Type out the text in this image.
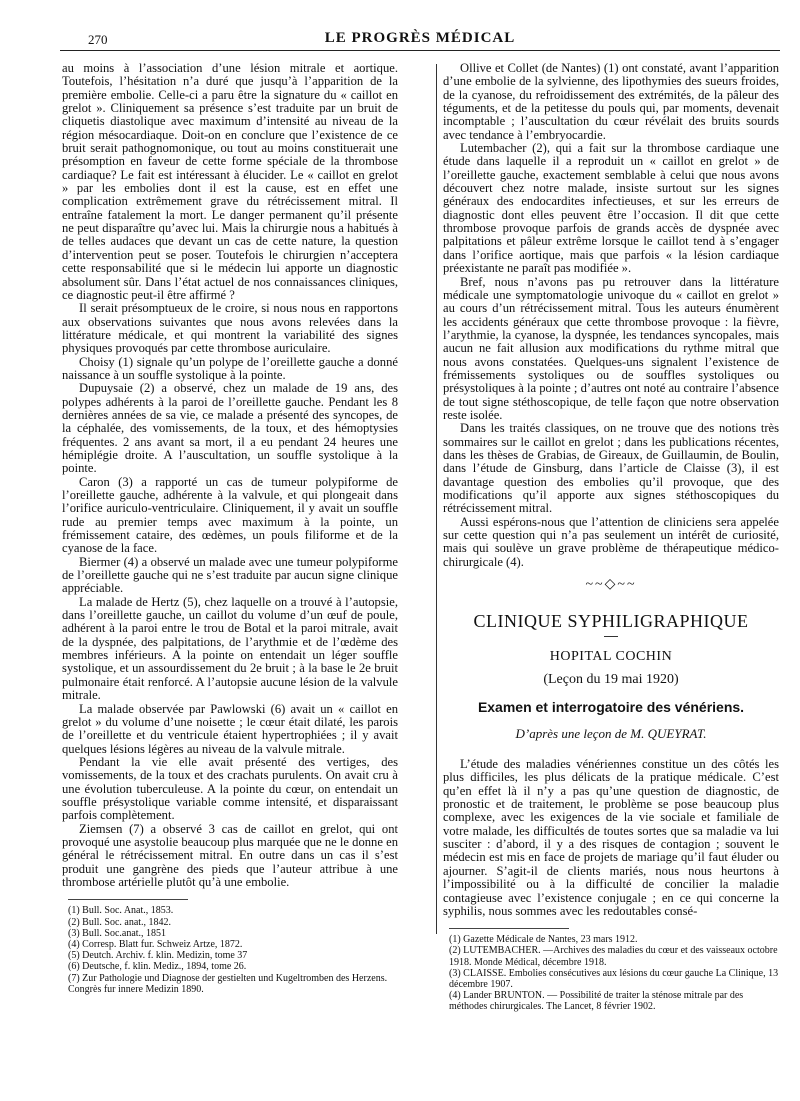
270	LE PROGRÈS MÉDICAL

au moins à l’association d’une lésion mitrale et aortique. Toutefois, l’hésitation n’a duré que jusqu’à l’apparition de la première embolie. Celle-ci a paru être la signature du « caillot en grelot ». Cliniquement sa présence s’est traduite par un bruit de cliquetis diastolique avec maximum d’intensité au niveau de la région mésocardiaque. Doit-on en conclure que l’existence de ce bruit serait pathognomonique, ou tout au moins constituerait une présomption en faveur de cette forme spéciale de la thrombose cardiaque? Le fait est intéressant à élucider. Le « caillot en grelot » par les embolies dont il est la cause, est en effet une complication extrêmement grave du rétrécissement mitral. Il entraîne fatalement la mort. Le danger permanent qu’il présente ne peut disparaître qu’avec lui. Mais la chirurgie nous a habitués à de telles audaces que devant un cas de cette nature, la question d’intervention peut se poser. Toutefois le chirurgien n’acceptera cette responsabilité que si le médecin lui apporte un diagnostic absolument sûr. Dans l’état actuel de nos connaissances cliniques, ce diagnostic peut-il être affirmé ?

Il serait présomptueux de le croire, si nous nous en rapportons aux observations suivantes que nous avons relevées dans la littérature médicale, et qui montrent la variabilité des signes physiques provoqués par cette thrombose auriculaire.

Choisy (1) signale qu’un polype de l’oreillette gauche a donné naissance à un souffle systolique à la pointe.

Dupuysaie (2) a observé, chez un malade de 19 ans, des polypes adhérents à la paroi de l’oreillette gauche. Pendant les 8 dernières années de sa vie, ce malade a présenté des syncopes, de la céphalée, des vomissements, de la toux, et des hémoptysies fréquentes. 2 ans avant sa mort, il a eu pendant 24 heures une hémiplégie droite. A l’auscultation, un souffle systolique à la pointe.

Caron (3) a rapporté un cas de tumeur polypiforme de l’oreillette gauche, adhérente à la valvule, et qui plongeait dans l’orifice auriculo-ventriculaire. Cliniquement, il y avait un souffle rude au premier temps avec maximum à la pointe, un frémissement cataire, des œdèmes, un pouls filiforme et de la cyanose de la face.

Biermer (4) a observé un malade avec une tumeur polypiforme de l’oreillette gauche qui ne s’est traduite par aucun signe clinique appréciable.

La malade de Hertz (5), chez laquelle on a trouvé à l’autopsie, dans l’oreillette gauche, un caillot du volume d’un œuf de poule, adhérent à la paroi entre le trou de Botal et la paroi mitrale, avait de la dyspnée, des palpitations, de l’arythmie et de l’œdème des membres inférieurs. A la pointe on entendait un léger souffle systolique, et un assourdissement du 2e bruit ; à la base le 2e bruit pulmonaire était renforcé. A l’autopsie aucune lésion de la valvule mitrale.

La malade observée par Pawlowski (6) avait un « caillot en grelot » du volume d’une noisette ; le cœur était dilaté, les parois de l’oreillette et du ventricule étaient hypertrophiées ; il y avait quelques lésions légères au niveau de la valvule mitrale.

Pendant la vie elle avait présenté des vertiges, des vomissements, de la toux et des crachats purulents. On avait cru à une évolution tuberculeuse. A la pointe du cœur, on entendait un souffle présystolique variable comme intensité, et disparaissant parfois complètement.

Ziemsen (7) a observé 3 cas de caillot en grelot, qui ont provoqué une asystolie beaucoup plus marquée que ne le donne en général le rétrécissement mitral. En outre dans un cas il s’est produit une gangrène des pieds que l’auteur attribue à une thrombose artérielle plutôt qu’à une embolie.

(1) Bull. Soc. Anat., 1853.

(2) Bull. Soc. anat., 1842.

(3) Bull. Soc.anat., 1851

(4) Corresp. Blatt fur. Schweiz Artze, 1872.

(5) Deutch. Archiv. f. klin. Medizin, tome 37

(6) Deutsche, f. klin. Mediz., 1894, tome 26.

(7) Zur Pathologie und Diagnose der gestielten und Kugeltromben des Herzens. Congrès fur innere Medizin 1890.

Ollive et Collet (de Nantes) (1) ont constaté, avant l’apparition d’une embolie de la sylvienne, des lipothymies des sueurs froides, de la cyanose, du refroidissement des extrémités, de la pâleur des téguments, et de la petitesse du pouls qui, par moments, devenait incomptable ; l’auscultation du cœur révélait des bruits sourds avec tendance à l’embryocardie.

Lutembacher (2), qui a fait sur la thrombose cardiaque une étude dans laquelle il a reproduit un « caillot en grelot » de l’oreillette gauche, exactement semblable à celui que nous avons découvert chez notre malade, insiste surtout sur les signes généraux des endocardites infectieuses, et sur les erreurs de diagnostic dont elles peuvent être l’occasion. Il dit que cette thrombose provoque parfois de grands accès de dyspnée avec palpitations et pâleur extrême lorsque le caillot tend à s’engager dans l’orifice aortique, mais que parfois « la lésion cardiaque préexistante ne paraît pas modifiée ».

Bref, nous n’avons pas pu retrouver dans la littérature médicale une symptomatologie univoque du « caillot en grelot » au cours d’un rétrécissement mitral. Tous les auteurs énumèrent les accidents généraux que cette thrombose provoque : la fièvre, l’arythmie, la cyanose, la dyspnée, les tendances syncopales, mais aucun ne fait allusion aux modifications du rythme mitral que nous avons constatées. Quelques-uns signalent l’existence de frémissements systoliques ou de souffles systoliques ou présystoliques à la pointe ; d’autres ont noté au contraire l’absence de tout signe stéthoscopique, de telle façon que notre observation reste isolée.

Dans les traités classiques, on ne trouve que des notions très sommaires sur le caillot en grelot ; dans les publications récentes, dans les thèses de Grabias, de Gireaux, de Guillaumin, de Boulin, dans l’étude de Ginsburg, dans l’article de Claisse (3), il est davantage question des embolies qu’il provoque, que des modifications qu’il apporte aux signes stéthoscopiques du rétrécissement mitral.

Aussi espérons-nous que l’attention de cliniciens sera appelée sur cette question qui n’a pas seulement un intérêt de curiosité, mais qui soulève un grave problème de thérapeutique médico-chirurgicale (4).

~~◇~~
CLINIQUE SYPHILIGRAPHIQUE
HOPITAL COCHIN
(Leçon du 19 mai 1920)
Examen et interrogatoire des vénériens.
D’après une leçon de M. QUEYRAT.

L’étude des maladies vénériennes constitue un des côtés les plus difficiles, les plus délicats de la pratique médicale. C’est qu’en effet là il n’y a pas qu’une question de diagnostic, de pronostic et de traitement, le problème se pose beaucoup plus complexe, avec les exigences de la vie sociale et familiale de votre malade, les difficultés de toutes sortes que sa maladie va lui susciter : d’abord, il y a des risques de contagion ; souvent le médecin est mis en face de projets de mariage qu’il faut éluder ou ajourner. S’agit-il de clients mariés, nous nous heurtons à l’impossibilité ou à la difficulté de concilier la maladie contagieuse avec l’existence conjugale ; en ce qui concerne la syphilis, nous sommes avec les redoutables consé-

(1) Gazette Médicale de Nantes, 23 mars 1912.

(2) LUTEMBACHER. —Archives des maladies du cœur et des vaisseaux octobre 1918. Monde Médical, décembre 1918.

(3) CLAISSE. Embolies consécutives aux lésions du cœur gauche La Clinique, 13 décembre 1907.

(4) Lander BRUNTON. — Possibilité de traiter la sténose mitrale par des méthodes chirurgicales. The Lancet, 8 février 1902.
